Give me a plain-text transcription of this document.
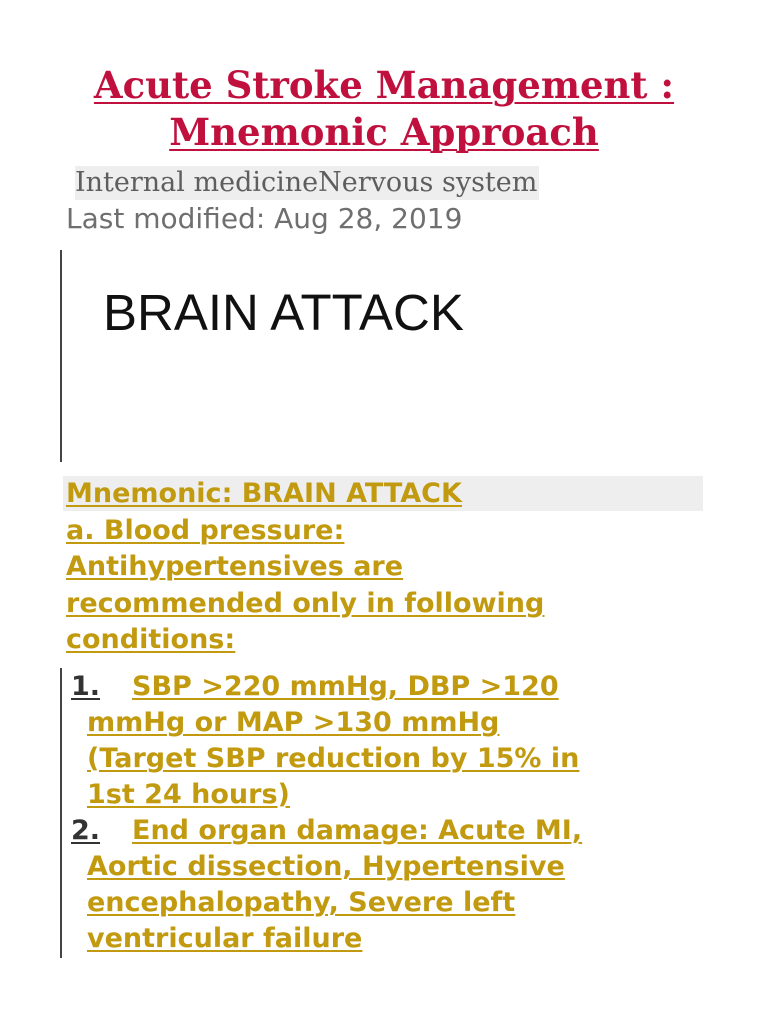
Acute Stroke Management :
Mnemonic Approach
Internal medicineNervous system
Last modified: Aug 28, 2019
BRAIN ATTACK
Mnemonic: BRAIN ATTACK
a. Blood pressure:
Antihypertensives are
recommended only in following
conditions:
1.	SBP >220 mmHg, DBP >120
mmHg or MAP >130 mmHg
(Target SBP reduction by 15% in
1st 24 hours)
2.	End organ damage: Acute MI,
Aortic dissection, Hypertensive
encephalopathy, Severe left
ventricular failure
